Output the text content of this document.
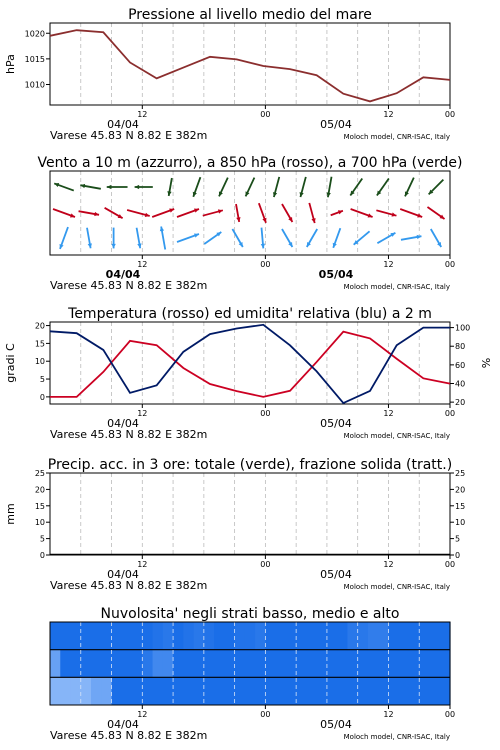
Pressione al livello medio del mare
1010
1015
1020
hPa
12	00	12	00
04/04	05/04
Varese 45.83 N 8.82 E 382m	Moloch model, CNR-ISAC, Italy
Vento a 10 m (azzurro), a 850 hPa (rosso), a 700 hPa (verde)
12	00	12	00
04/04	05/04
Varese 45.83 N 8.82 E 382m	Moloch model, CNR-ISAC, Italy
Temperatura (rosso) ed umidita' relativa (blu) a 2 m
0
5
10
15
20
gradi C
20
40
60
80
100
%
12	00	12	00
04/04	05/04
Varese 45.83 N 8.82 E 382m	Moloch model, CNR-ISAC, Italy
Precip. acc. in 3 ore: totale (verde), frazione solida (tratt.)
0
5
10
15
20
25
mm
0
5
10
15
20
25
12	00	12	00
04/04	05/04
Varese 45.83 N 8.82 E 382m	Moloch model, CNR-ISAC, Italy
Nuvolosita' negli strati basso, medio e alto
12	00	12	00
04/04	05/04
Varese 45.83 N 8.82 E 382m	Moloch model, CNR-ISAC, Italy
